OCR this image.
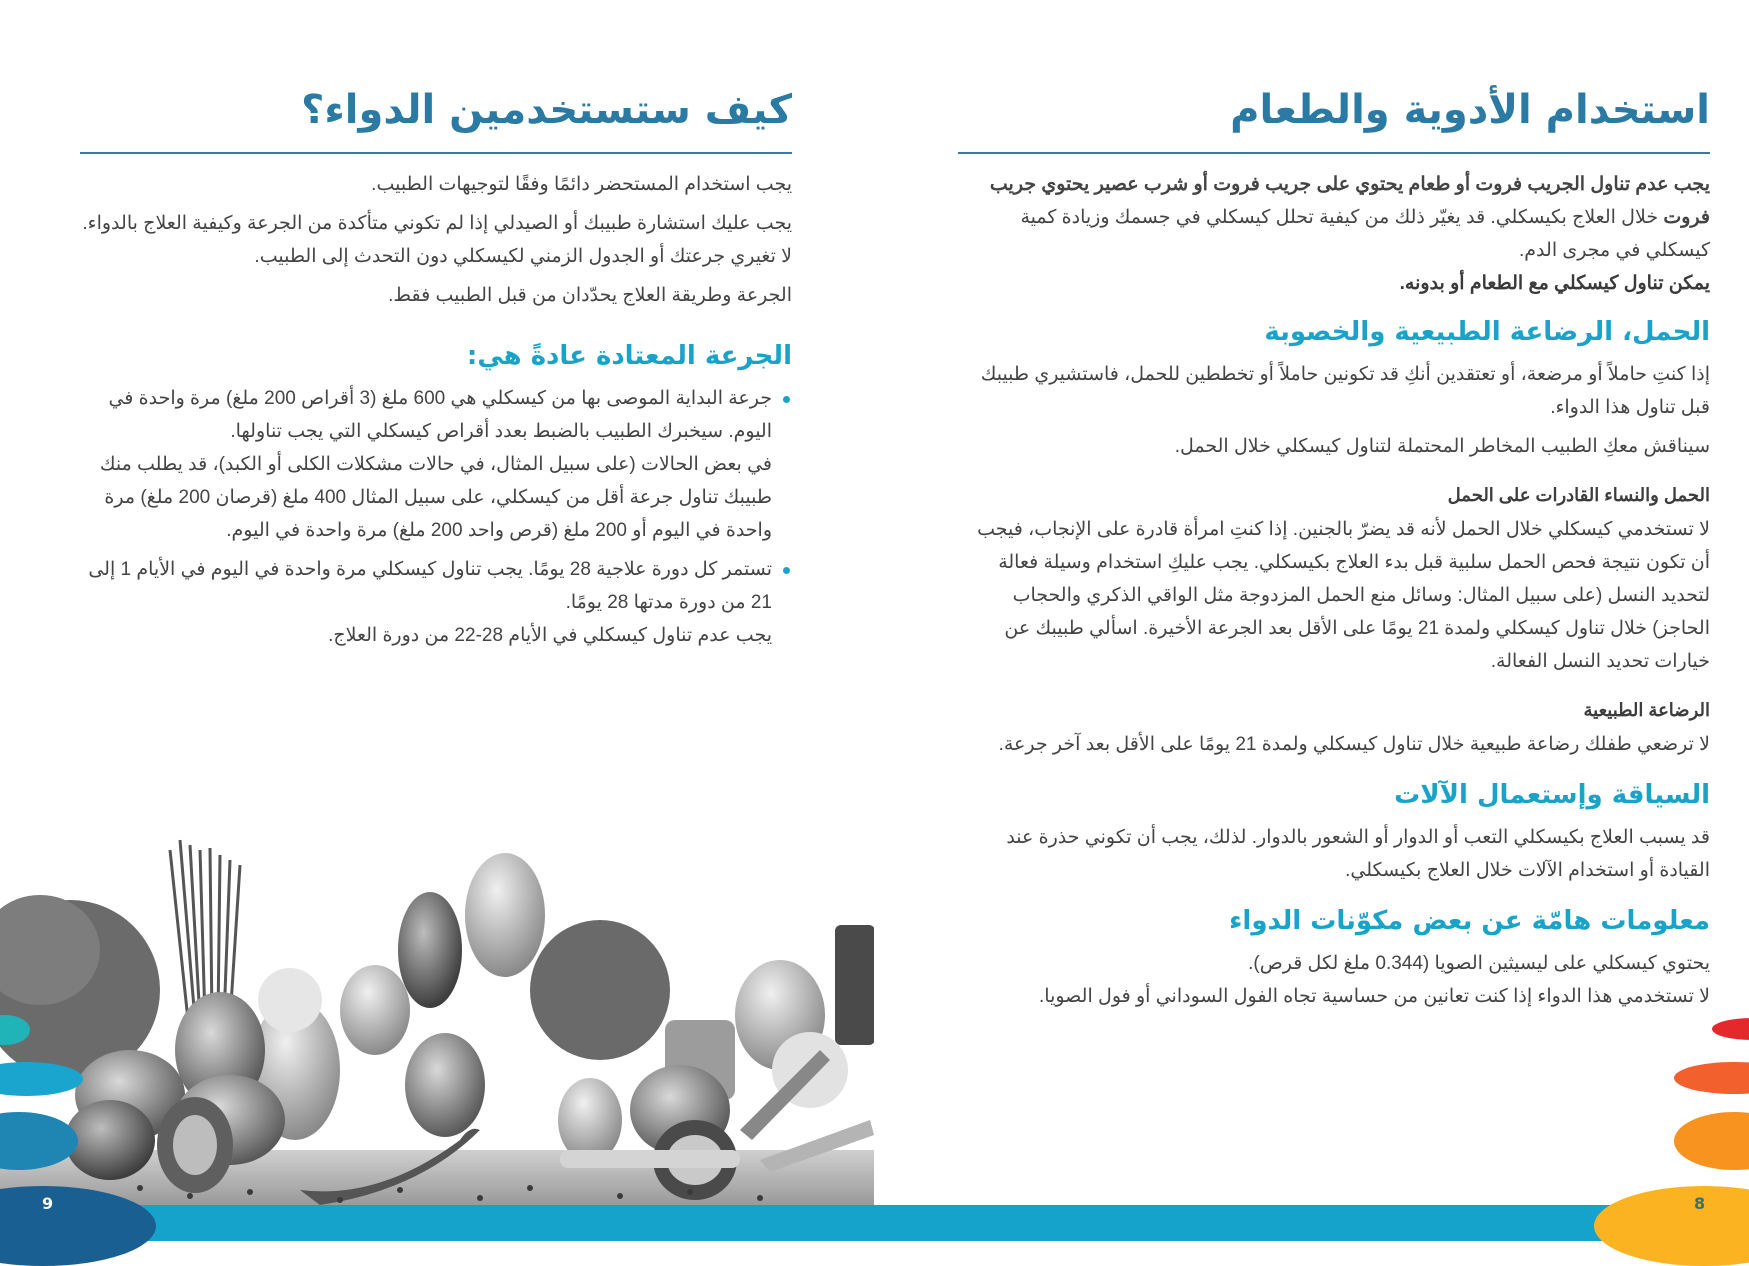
كيف ستستخدمين الدواء؟

يجب استخدام المستحضر دائمًا وفقًا لتوجيهات الطبيب.

يجب عليك استشارة طبيبك أو الصيدلي إذا لم تكوني متأكدة من الجرعة وكيفية العلاج بالدواء. لا تغيري جرعتك أو الجدول الزمني لكيسكلي دون التحدث إلى الطبيب.

الجرعة وطريقة العلاج يحدّدان من قبل الطبيب فقط.

الجرعة المعتادة عادةً هي:
جرعة البداية الموصى بها من كيسكلي هي 600 ملغ (3 أقراص 200 ملغ) مرة واحدة في اليوم. سيخبرك الطبيب بالضبط بعدد أقراص كيسكلي التي يجب تناولها.
في بعض الحالات (على سبيل المثال، في حالات مشكلات الكلى أو الكبد)، قد يطلب منك طبيبك تناول جرعة أقل من كيسكلي، على سبيل المثال 400 ملغ (قرصان 200 ملغ) مرة واحدة في اليوم أو 200 ملغ (قرص واحد 200 ملغ) مرة واحدة في اليوم.
تستمر كل دورة علاجية 28 يومًا. يجب تناول كيسكلي مرة واحدة في اليوم في الأيام 1 إلى 21 من دورة مدتها 28 يومًا.
يجب عدم تناول كيسكلي في الأيام 28-22 من دورة العلاج.
9
استخدام الأدوية والطعام

يجب عدم تناول الجريب فروت أو طعام يحتوي على جريب فروت أو شرب عصير يحتوي جريب فروت خلال العلاج بكيسكلي. قد يغيّر ذلك من كيفية تحلل كيسكلي في جسمك وزيادة كمية كيسكلي في مجرى الدم.

يمكن تناول كيسكلي مع الطعام أو بدونه.

الحمل، الرضاعة الطبيعية والخصوبة

إذا كنتِ حاملاً أو مرضعة، أو تعتقدين أنكِ قد تكونين حاملاً أو تخططين للحمل، فاستشيري طبيبك قبل تناول هذا الدواء.

سيناقش معكِ الطبيب المخاطر المحتملة لتناول كيسكلي خلال الحمل.

الحمل والنساء القادرات على الحمل

لا تستخدمي كيسكلي خلال الحمل لأنه قد يضرّ بالجنين. إذا كنتِ امرأة قادرة على الإنجاب، فيجب أن تكون نتيجة فحص الحمل سلبية قبل بدء العلاج بكيسكلي. يجب عليكِ استخدام وسيلة فعالة لتحديد النسل (على سبيل المثال: وسائل منع الحمل المزدوجة مثل الواقي الذكري والحجاب الحاجز) خلال تناول كيسكلي ولمدة 21 يومًا على الأقل بعد الجرعة الأخيرة. اسألي طبيبك عن خيارات تحديد النسل الفعالة.

الرضاعة الطبيعية

لا ترضعي طفلك رضاعة طبيعية خلال تناول كيسكلي ولمدة 21 يومًا على الأقل بعد آخر جرعة.

السياقة وإستعمال الآلات

قد يسبب العلاج بكيسكلي التعب أو الدوار أو الشعور بالدوار. لذلك، يجب أن تكوني حذرة عند القيادة أو استخدام الآلات خلال العلاج بكيسكلي.

معلومات هامّة عن بعض مكوّنات الدواء

يحتوي كيسكلي على ليسيثين الصويا (0.344 ملغ لكل قرص).

لا تستخدمي هذا الدواء إذا كنت تعانين من حساسية تجاه الفول السوداني أو فول الصويا.

8
